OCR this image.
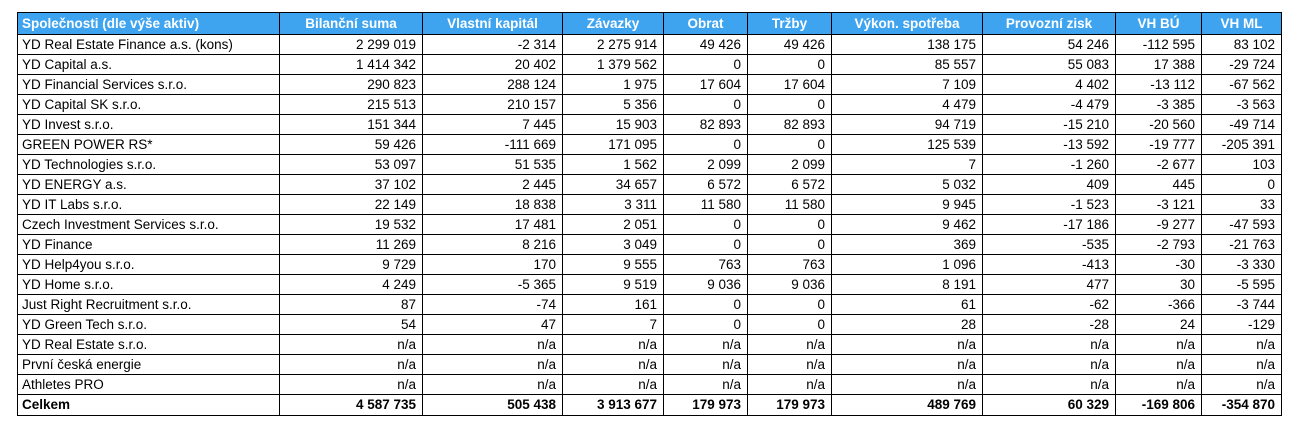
Společnosti (dle výše aktiv)	Bilanční suma	Vlastní kapitál	Závazky	Obrat	Tržby	Výkon. spotřeba	Provozní zisk	VH BÚ	VH ML
YD Real Estate Finance a.s. (kons)	2 299 019	-2 314	2 275 914	49 426	49 426	138 175	54 246	-112 595	83 102
YD Capital a.s.	1 414 342	20 402	1 379 562	0	0	85 557	55 083	17 388	-29 724
YD Financial Services s.r.o.	290 823	288 124	1 975	17 604	17 604	7 109	4 402	-13 112	-67 562
YD Capital SK s.r.o.	215 513	210 157	5 356	0	0	4 479	-4 479	-3 385	-3 563
YD Invest s.r.o.	151 344	7 445	15 903	82 893	82 893	94 719	-15 210	-20 560	-49 714
GREEN POWER RS*	59 426	-111 669	171 095	0	0	125 539	-13 592	-19 777	-205 391
YD Technologies s.r.o.	53 097	51 535	1 562	2 099	2 099	7	-1 260	-2 677	103
YD ENERGY a.s.	37 102	2 445	34 657	6 572	6 572	5 032	409	445	0
YD IT Labs s.r.o.	22 149	18 838	3 311	11 580	11 580	9 945	-1 523	-3 121	33
Czech Investment Services s.r.o.	19 532	17 481	2 051	0	0	9 462	-17 186	-9 277	-47 593
YD Finance	11 269	8 216	3 049	0	0	369	-535	-2 793	-21 763
YD Help4you s.r.o.	9 729	170	9 555	763	763	1 096	-413	-30	-3 330
YD Home s.r.o.	4 249	-5 365	9 519	9 036	9 036	8 191	477	30	-5 595
Just Right Recruitment s.r.o.	87	-74	161	0	0	61	-62	-366	-3 744
YD Green Tech s.r.o.	54	47	7	0	0	28	-28	24	-129
YD Real Estate s.r.o.	n/a	n/a	n/a	n/a	n/a	n/a	n/a	n/a	n/a
První česká energie	n/a	n/a	n/a	n/a	n/a	n/a	n/a	n/a	n/a
Athletes PRO	n/a	n/a	n/a	n/a	n/a	n/a	n/a	n/a	n/a
Celkem	4 587 735	505 438	3 913 677	179 973	179 973	489 769	60 329	-169 806	-354 870
